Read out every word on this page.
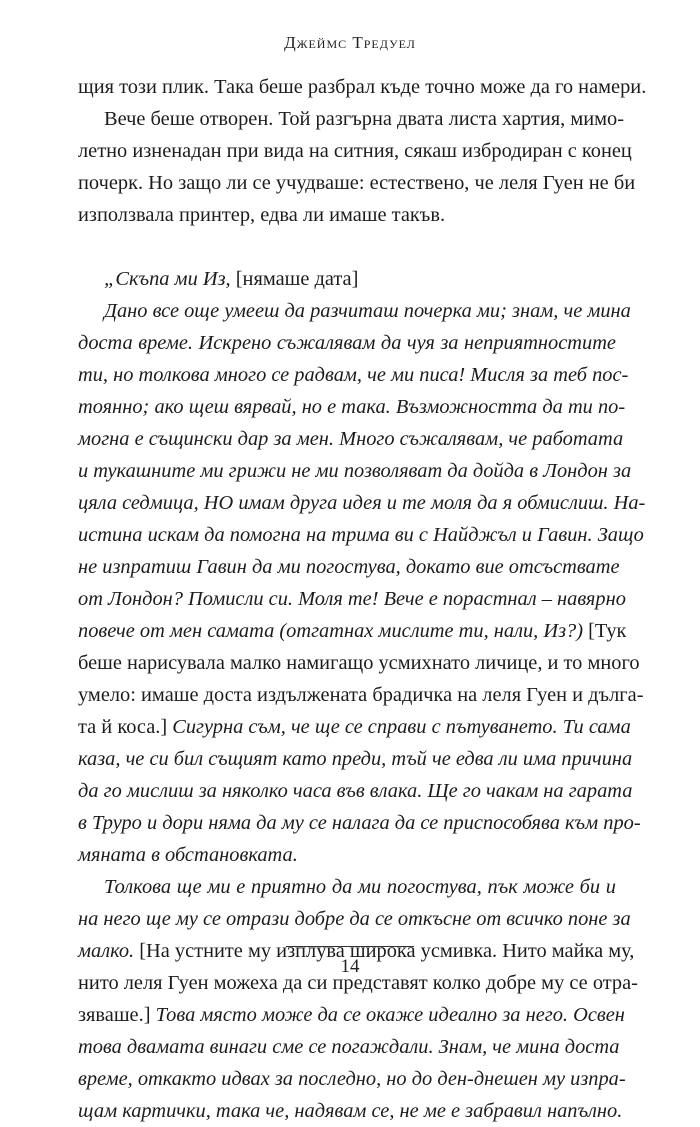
Джеймс Тредуел
щия този плик. Така беше разбрал къде точно може да го намери.
Вече беше отворен. Той разгърна двата листа хартия, мимо-
летно изненадан при вида на ситния, сякаш избродиран с конец
почерк. Но защо ли се учудваше: естествено, че леля Гуен не би
използвала принтер, едва ли имаше такъв.
„Скъпа ми Из, [нямаше дата]
Дано все още умееш да разчиташ почерка ми; знам, че мина
доста време. Искрено съжалявам да чуя за неприятностите
ти, но толкова много се радвам, че ми писа! Мисля за теб пос-
тоянно; ако щеш вярвай, но е така. Възможността да ти по-
могна е същински дар за мен. Много съжалявам, че работата
и тукашните ми грижи не ми позволяват да дойда в Лондон за
цяла седмица, НО имам друга идея и те моля да я обмислиш. На-
истина искам да помогна на трима ви с Найджъл и Гавин. Защо
не изпратиш Гавин да ми погостува, докато вие отсъствате
от Лондон? Помисли си. Моля те! Вече е порастнал – навярно
повече от мен самата (отгатнах мислите ти, нали, Из?) [Тук
беше нарисувала малко намигащо усмихнато личице, и то много
умело: имаше доста издължената брадичка на леля Гуен и дълга-
та й коса.] Сигурна съм, че ще се справи с пътуването. Ти сама
каза, че си бил същият като преди, тъй че едва ли има причина
да го мислиш за няколко часа във влака. Ще го чакам на гарата
в Труро и дори няма да му се налага да се приспособява към про-
мяната в обстановката.
Толкова ще ми е приятно да ми погостува, пък може би и
на него ще му се отрази добре да се откъсне от всичко поне за
малко. [На устните му изплува широка усмивка. Нито майка му,
нито леля Гуен можеха да си представят колко добре му се отра-
зяваше.] Това място може да се окаже идеално за него. Освен
това двамата винаги сме се погаждали. Знам, че мина доста
време, откакто идвах за последно, но до ден-днешен му изпра-
щам картички, така че, надявам се, не ме е забравил напълно.
14
